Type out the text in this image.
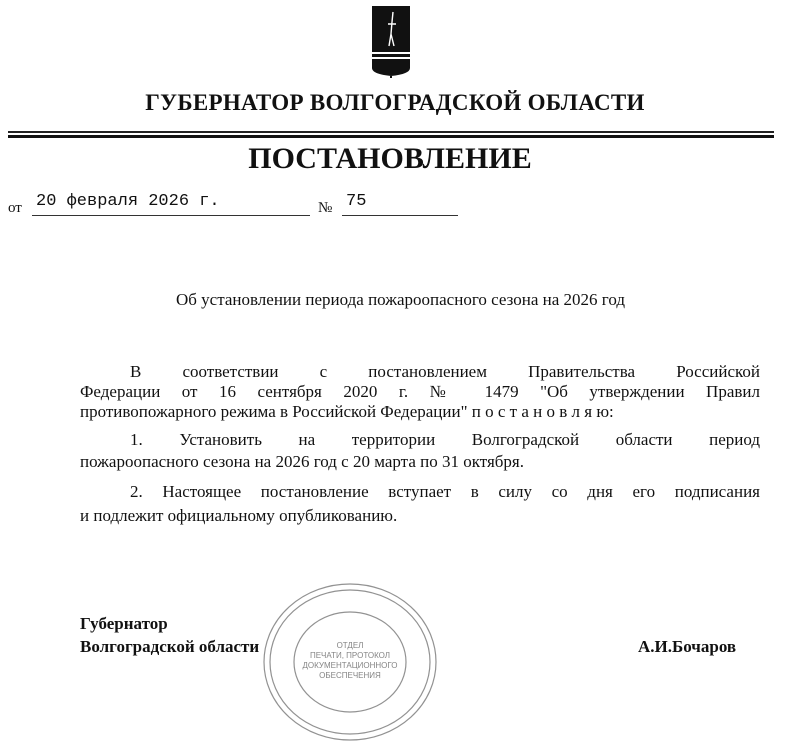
ГУБЕРНАТОР ВОЛГОГРАДСКОЙ ОБЛАСТИ
ПОСТАНОВЛЕНИЕ
от 20 февраля 2026 г.	№ 75
Об установлении периода пожароопасного сезона на 2026 год
В соответствии с постановлением Правительства Российской
Федерации от 16 сентября 2020 г. № 1479 "Об утверждении Правил
противопожарного режима в Российской Федерации" п о с т а н о в л я ю:
1. Установить на территории Волгоградской области период
пожароопасного сезона на 2026 год с 20 марта по 31 октября.
2. Настоящее постановление вступает в силу со дня его подписания
и подлежит официальному опубликованию.
ОТДЕЛ
ПЕЧАТИ, ПРОТОКОЛ
ДОКУМЕНТАЦИОННОГО
ОБЕСПЕЧЕНИЯ
Губернатор
Волгоградской области	А.И.Бочаров
